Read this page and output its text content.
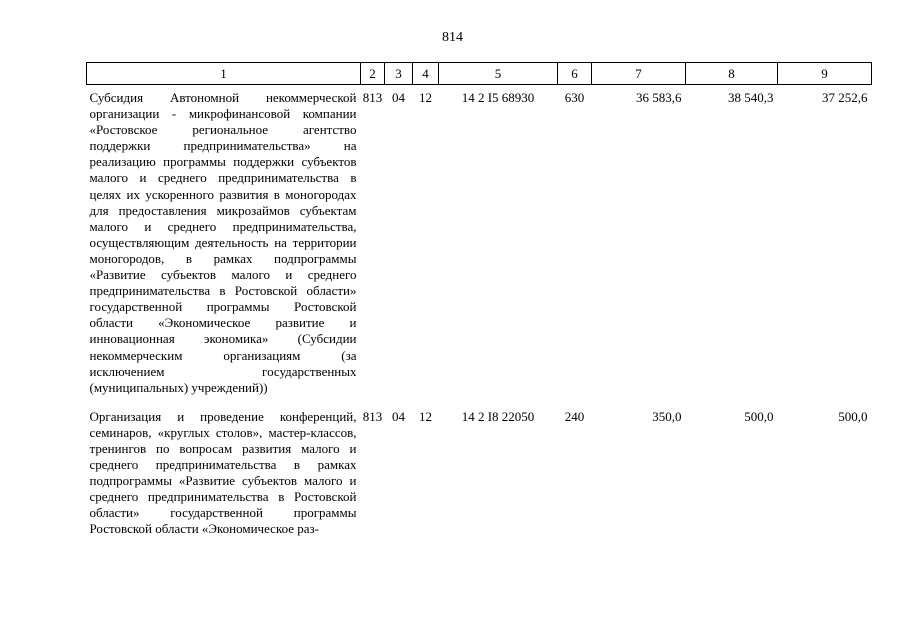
814
1	2	3	4	5	6	7	8	9
Субсидия Автономной некоммерческой организации - микрофинансовой компании «Ростовское региональное агентство поддержки предпринимательства» на реализацию программы поддержки субъектов малого и среднего предпринимательства в целях их ускоренного развития в моногородах для предоставления микрозаймов субъектам малого и среднего предпринимательства, осуществляющим деятельность на территории моногородов, в рамках подпрограммы «Развитие субъектов малого и среднего предпринимательства в Ростовской области» государственной программы Ростовской области «Экономическое развитие и инновационная экономика» (Субсидии некоммерческим организациям (за исключением государственных (муниципальных) учреждений))	813	04	12	14 2 I5 68930	630	36 583,6	38 540,3	37 252,6
Организация и проведение конференций, семинаров, «круглых столов», мастер-классов, тренингов по вопросам развития малого и среднего предпринимательства в рамках подпрограммы «Развитие субъектов малого и среднего предпринимательства в Ростовской области» государственной программы Ростовской области «Экономическое раз-	813	04	12	14 2 I8 22050	240	350,0	500,0	500,0
